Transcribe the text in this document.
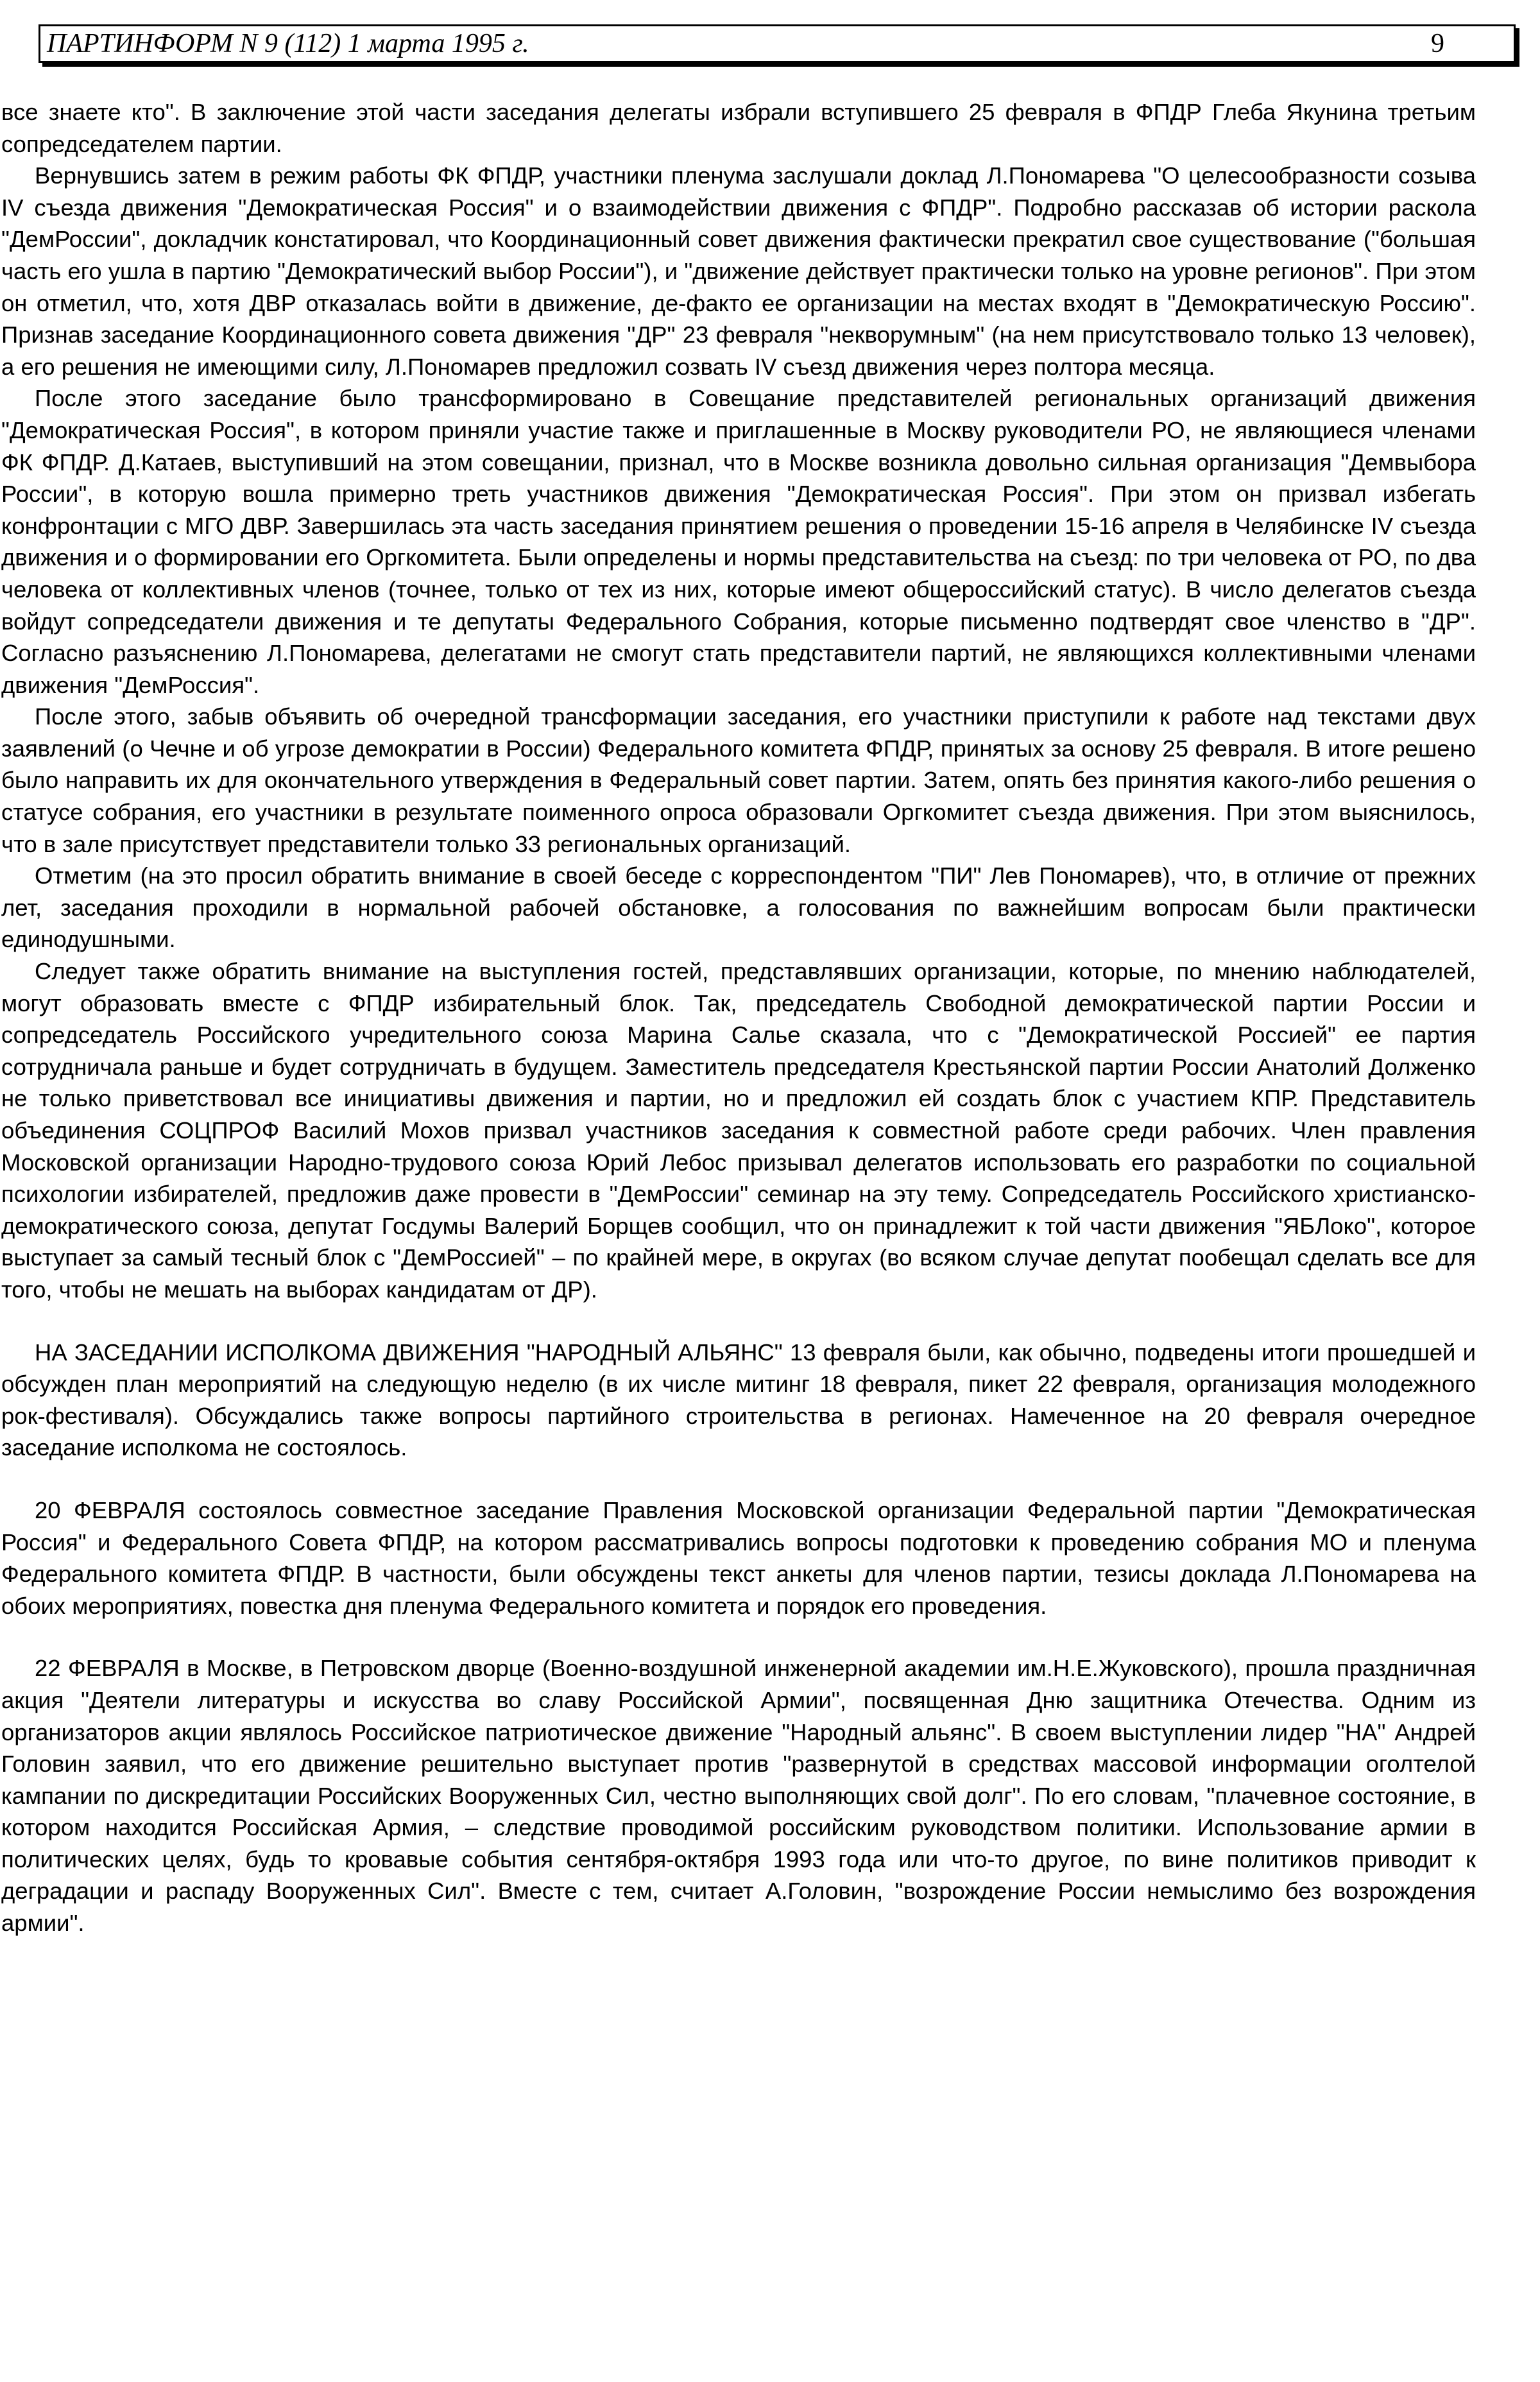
ПАРТИНФОРМ N 9 (112) 1 марта 1995 г.	9

все знаете кто". В заключение этой части заседания делегаты избрали вступившего 25 февраля в ФПДР Глеба Якунина третьим сопредседателем партии.

Вернувшись затем в режим работы ФК ФПДР, участники пленума заслушали доклад Л.Пономарева "О целесообразности созыва IV съезда движения "Демократическая Россия" и о взаимодействии движения с ФПДР". Подробно рассказав об истории раскола "ДемРоссии", докладчик констатировал, что Координационный совет движения фактически прекратил свое существование ("большая часть его ушла в партию "Демократический выбор России"), и "движение действует практически только на уровне регионов". При этом он отметил, что, хотя ДВР отказалась войти в движение, де-факто ее организации на местах входят в "Демократическую Россию". Признав заседание Координационного совета движения "ДР" 23 февраля "некворумным" (на нем присутствовало только 13 человек), а его решения не имеющими силу, Л.Пономарев предложил созвать IV съезд движения через полтора месяца.

После этого заседание было трансформировано в Совещание представителей региональных организаций движения "Демократическая Россия", в котором приняли участие также и приглашенные в Москву руководители РО, не являющиеся членами ФК ФПДР. Д.Катаев, выступивший на этом совещании, признал, что в Москве возникла довольно сильная организация "Демвыбора России", в которую вошла примерно треть участников движения "Демократическая Россия". При этом он призвал избегать конфронтации с МГО ДВР. Завершилась эта часть заседания принятием решения о проведении 15-16 апреля в Челябинске IV съезда движения и о формировании его Оргкомитета. Были определены и нормы представительства на съезд: по три человека от РО, по два человека от коллективных членов (точнее, только от тех из них, которые имеют общероссийский статус). В число делегатов съезда войдут сопредседатели движения и те депутаты Федерального Собрания, которые письменно подтвердят свое членство в "ДР". Согласно разъяснению Л.Пономарева, делегатами не смогут стать представители партий, не являющихся коллективными членами движения "ДемРоссия".

После этого, забыв объявить об очередной трансформации заседания, его участники приступили к работе над текстами двух заявлений (о Чечне и об угрозе демократии в России) Федерального комитета ФПДР, принятых за основу 25 февраля. В итоге решено было направить их для окончательного утверждения в Федеральный совет партии. Затем, опять без принятия какого-либо решения о статусе собрания, его участники в результате поименного опроса образовали Оргкомитет съезда движения. При этом выяснилось, что в зале присутствует представители только 33 региональных организаций.

Отметим (на это просил обратить внимание в своей беседе с корреспондентом "ПИ" Лев Пономарев), что, в отличие от прежних лет, заседания проходили в нормальной рабочей обстановке, а голосования по важнейшим вопросам были практически единодушными.

Следует также обратить внимание на выступления гостей, представлявших организации, которые, по мнению наблюдателей, могут образовать вместе с ФПДР избирательный блок. Так, председатель Свободной демократической партии России и сопредседатель Российского учредительного союза Марина Салье сказала, что с "Демократической Россией" ее партия сотрудничала раньше и будет сотрудничать в будущем. Заместитель председателя Крестьянской партии России Анатолий Долженко не только приветствовал все инициативы движения и партии, но и предложил ей создать блок с участием КПР. Представитель объединения СОЦПРОФ Василий Мохов призвал участников заседания к совместной работе среди рабочих. Член правления Московской организации Народно-трудового союза Юрий Лебос призывал делегатов использовать его разработки по социальной психологии избирателей, предложив даже провести в "ДемРоссии" семинар на эту тему. Сопредседатель Российского христианско-демократического союза, депутат Госдумы Валерий Борщев сообщил, что он принадлежит к той части движения "ЯБЛоко", которое выступает за самый тесный блок с "ДемРоссией" – по крайней мере, в округах (во всяком случае депутат пообещал сделать все для того, чтобы не мешать на выборах кандидатам от ДР).

НА ЗАСЕДАНИИ ИСПОЛКОМА ДВИЖЕНИЯ "НАРОДНЫЙ АЛЬЯНС" 13 февраля были, как обычно, подведены итоги прошедшей и обсужден план мероприятий на следующую неделю (в их числе митинг 18 февраля, пикет 22 февраля, организация молодежного рок-фестиваля). Обсуждались также вопросы партийного строительства в регионах. Намеченное на 20 февраля очередное заседание исполкома не состоялось.

20 ФЕВРАЛЯ состоялось совместное заседание Правления Московской организации Федеральной партии "Демократическая Россия" и Федерального Совета ФПДР, на котором рассматривались вопросы подготовки к проведению собрания МО и пленума Федерального комитета ФПДР. В частности, были обсуждены текст анкеты для членов партии, тезисы доклада Л.Пономарева на обоих мероприятиях, повестка дня пленума Федерального комитета и порядок его проведения.

22 ФЕВРАЛЯ в Москве, в Петровском дворце (Военно-воздушной инженерной академии им.Н.Е.Жуковского), прошла праздничная акция "Деятели литературы и искусства во славу Российской Армии", посвященная Дню защитника Отечества. Одним из организаторов акции являлось Российское патриотическое движение "Народный альянс". В своем выступлении лидер "НА" Андрей Головин заявил, что его движение решительно выступает против "развернутой в средствах массовой информации оголтелой кампании по дискредитации Российских Вооруженных Сил, честно выполняющих свой долг". По его словам, "плачевное состояние, в котором находится Российская Армия, – следствие проводимой российским руководством политики. Использование армии в политических целях, будь то кровавые события сентября-октября 1993 года или что-то другое, по вине политиков приводит к деградации и распаду Вооруженных Сил". Вместе с тем, считает А.Головин, "возрождение России немыслимо без возрождения армии".
